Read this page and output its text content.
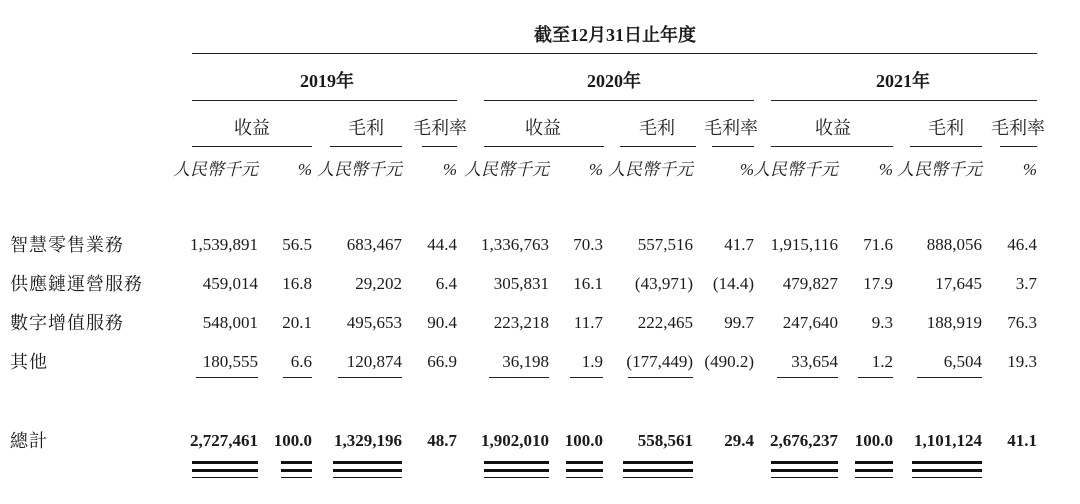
截至12月31日止年度
2019年	2020年	2021年
收益	毛利 毛利率	收益	毛利 毛利率	收益	毛利 毛利率
人民幣千元 % 人民幣千元 % 人民幣千元 % 人民幣千元	% 人民幣千元 % 人民幣千元 %
智慧零售業務	1,539,891 56.5 683,467 44.4 1,336,763 70.3 557,516 41.7 1,915,116 71.6 888,056 46.4
供應鏈運營服務	459,014 16.8	29,202 6.4 305,831 16.1 (43,971) (14.4) 479,827 17.9 17,645 3.7
數字增值服務	548,001 20.1 495,653 90.4 223,218 11.7 222,465 99.7 247,640 9.3 188,919 76.3
其他	180,555 6.6 120,874 66.9	36,198 1.9 (177,449) (490.2) 33,654 1.2	6,504 19.3
總計	2,727,461 100.0 1,329,196 48.7 1,902,010 100.0 558,561 29.4 2,676,237 100.0 1,101,124 41.1
